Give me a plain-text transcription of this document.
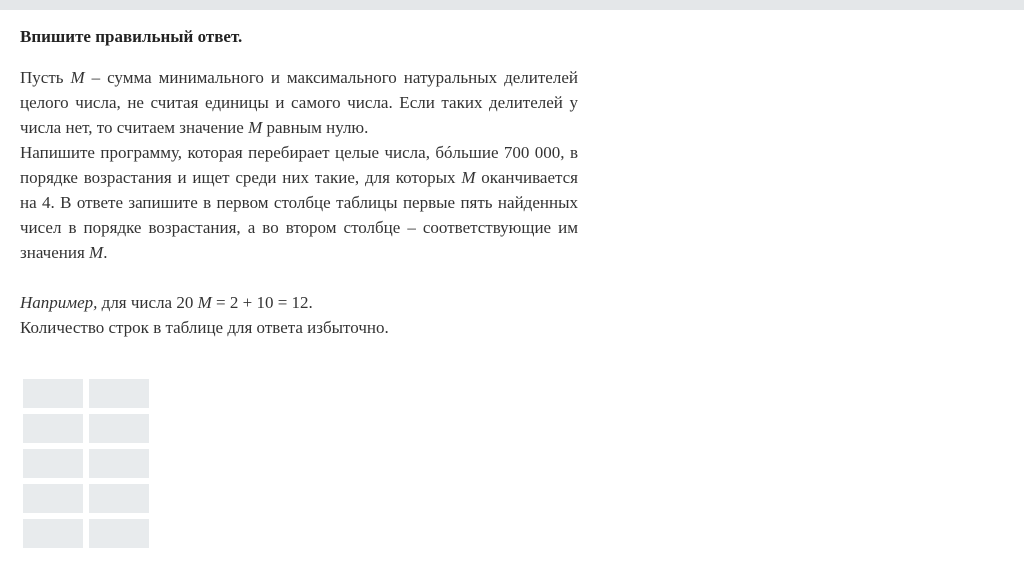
Впишите правильный ответ.

Пусть M – сумма минимального и максимального натуральных делителей целого числа, не считая единицы и самого числа. Если таких делителей у числа нет, то считаем значение M равным нулю.

Напишите программу, которая перебирает целые числа, бóльшие 700 000, в порядке возрастания и ищет среди них такие, для которых M оканчивается на 4. В ответе запишите в первом столбце таблицы первые пять найденных чисел в порядке возрастания, а во втором столбце – соответствующие им значения M.

Например, для числа 20 M = 2 + 10 = 12.

Количество строк в таблице для ответа избыточно.
